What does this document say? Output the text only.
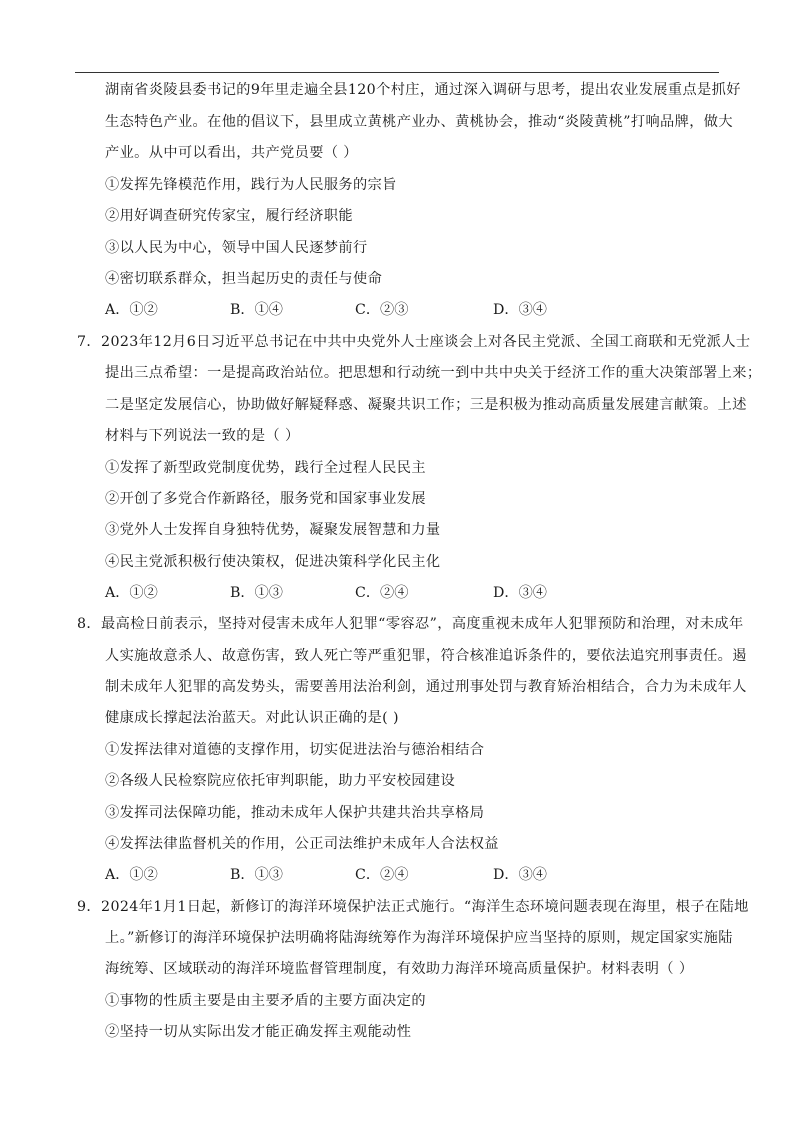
湖南省炎陵县委书记的9年里走遍全县120个村庄，通过深入调研与思考，提出农业发展重点是抓好
生态特色产业。在他的倡议下，县里成立黄桃产业办、黄桃协会，推动“炎陵黄桃”打响品牌，做大
产业。从中可以看出，共产党员要（ ）
①发挥先锋模范作用，践行为人民服务的宗旨
②用好调查研究传家宝，履行经济职能
③以人民为中心，领导中国人民逐梦前行
④密切联系群众，担当起历史的责任与使命
A．①②	B．①④	C．②③	D．③④
7．2023年12月6日习近平总书记在中共中央党外人士座谈会上对各民主党派、全国工商联和无党派人士
提出三点希望：一是提高政治站位。把思想和行动统一到中共中央关于经济工作的重大决策部署上来；
二是坚定发展信心，协助做好解疑释惑、凝聚共识工作；三是积极为推动高质量发展建言献策。上述
材料与下列说法一致的是（ ）
①发挥了新型政党制度优势，践行全过程人民民主
②开创了多党合作新路径，服务党和国家事业发展
③党外人士发挥自身独特优势，凝聚发展智慧和力量
④民主党派积极行使决策权，促进决策科学化民主化
A．①②	B．①③	C．②④	D．③④
8．最高检日前表示，坚持对侵害未成年人犯罪“零容忍”，高度重视未成年人犯罪预防和治理，对未成年
人实施故意杀人、故意伤害，致人死亡等严重犯罪，符合核准追诉条件的，要依法追究刑事责任。遏
制未成年人犯罪的高发势头，需要善用法治利剑，通过刑事处罚与教育矫治相结合，合力为未成年人
健康成长撑起法治蓝天。对此认识正确的是( )
①发挥法律对道德的支撑作用，切实促进法治与德治相结合
②各级人民检察院应依托审判职能，助力平安校园建设
③发挥司法保障功能，推动未成年人保护共建共治共享格局
④发挥法律监督机关的作用，公正司法维护未成年人合法权益
A．①②	B．①③	C．②④	D．③④
9．2024年1月1日起，新修订的海洋环境保护法正式施行。“海洋生态环境问题表现在海里，根子在陆地
上。”新修订的海洋环境保护法明确将陆海统筹作为海洋环境保护应当坚持的原则，规定国家实施陆
海统筹、区域联动的海洋环境监督管理制度，有效助力海洋环境高质量保护。材料表明（ ）
①事物的性质主要是由主要矛盾的主要方面决定的
②坚持一切从实际出发才能正确发挥主观能动性
